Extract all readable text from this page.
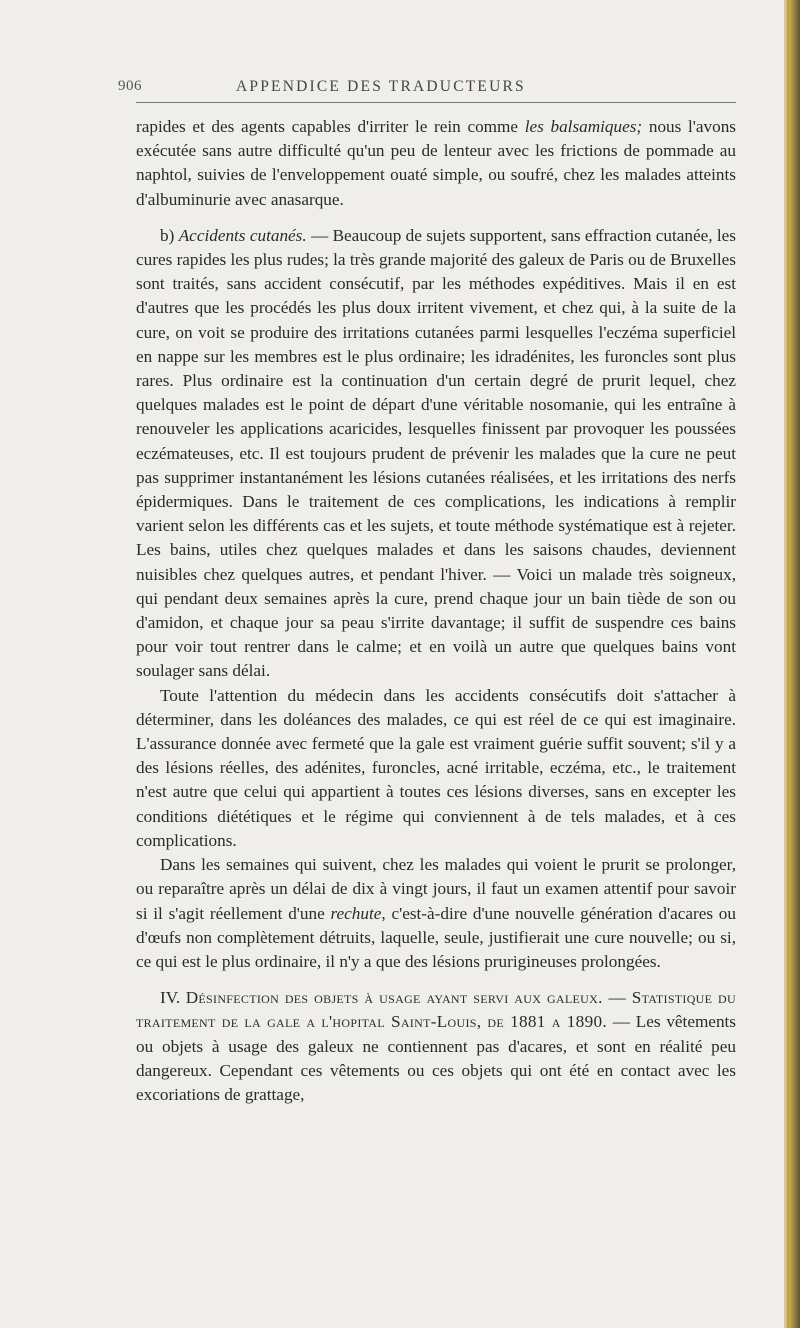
906	APPENDICE DES TRADUCTEURS

rapides et des agents capables d'irriter le rein comme les balsamiques; nous l'avons exécutée sans autre difficulté qu'un peu de lenteur avec les frictions de pommade au naphtol, suivies de l'enveloppement ouaté simple, ou soufré, chez les malades atteints d'albuminurie avec anasarque.

b) Accidents cutanés. — Beaucoup de sujets supportent, sans effraction cutanée, les cures rapides les plus rudes; la très grande majorité des galeux de Paris ou de Bruxelles sont traités, sans accident consécutif, par les méthodes expéditives. Mais il en est d'autres que les procédés les plus doux irritent vivement, et chez qui, à la suite de la cure, on voit se produire des irritations cutanées parmi lesquelles l'eczéma superficiel en nappe sur les membres est le plus ordinaire; les idradénites, les furoncles sont plus rares. Plus ordinaire est la continuation d'un certain degré de prurit lequel, chez quelques malades est le point de départ d'une véritable nosomanie, qui les entraîne à renouveler les applications acaricides, lesquelles finissent par provoquer les poussées eczémateuses, etc. Il est toujours prudent de prévenir les malades que la cure ne peut pas supprimer instantanément les lésions cutanées réalisées, et les irritations des nerfs épidermiques. Dans le traitement de ces complications, les indications à remplir varient selon les différents cas et les sujets, et toute méthode systématique est à rejeter. Les bains, utiles chez quelques malades et dans les saisons chaudes, deviennent nuisibles chez quelques autres, et pendant l'hiver. — Voici un malade très soigneux, qui pendant deux semaines après la cure, prend chaque jour un bain tiède de son ou d'amidon, et chaque jour sa peau s'irrite davantage; il suffit de suspendre ces bains pour voir tout rentrer dans le calme; et en voilà un autre que quelques bains vont soulager sans délai.

Toute l'attention du médecin dans les accidents consécutifs doit s'attacher à déterminer, dans les doléances des malades, ce qui est réel de ce qui est imaginaire. L'assurance donnée avec fermeté que la gale est vraiment guérie suffit souvent; s'il y a des lésions réelles, des adénites, furoncles, acné irritable, eczéma, etc., le traitement n'est autre que celui qui appartient à toutes ces lésions diverses, sans en excepter les conditions diététiques et le régime qui conviennent à de tels malades, et à ces complications.

Dans les semaines qui suivent, chez les malades qui voient le prurit se prolonger, ou reparaître après un délai de dix à vingt jours, il faut un examen attentif pour savoir si il s'agit réellement d'une rechute, c'est-à-dire d'une nouvelle génération d'acares ou d'œufs non complètement détruits, laquelle, seule, justifierait une cure nouvelle; ou si, ce qui est le plus ordinaire, il n'y a que des lésions prurigineuses prolongées.

IV. Désinfection des objets à usage ayant servi aux galeux. — Statistique du traitement de la gale a l'hopital Saint-Louis, de 1881 a 1890. — Les vêtements ou objets à usage des galeux ne contiennent pas d'acares, et sont en réalité peu dangereux. Cependant ces vêtements ou ces objets qui ont été en contact avec les excoriations de grattage,
